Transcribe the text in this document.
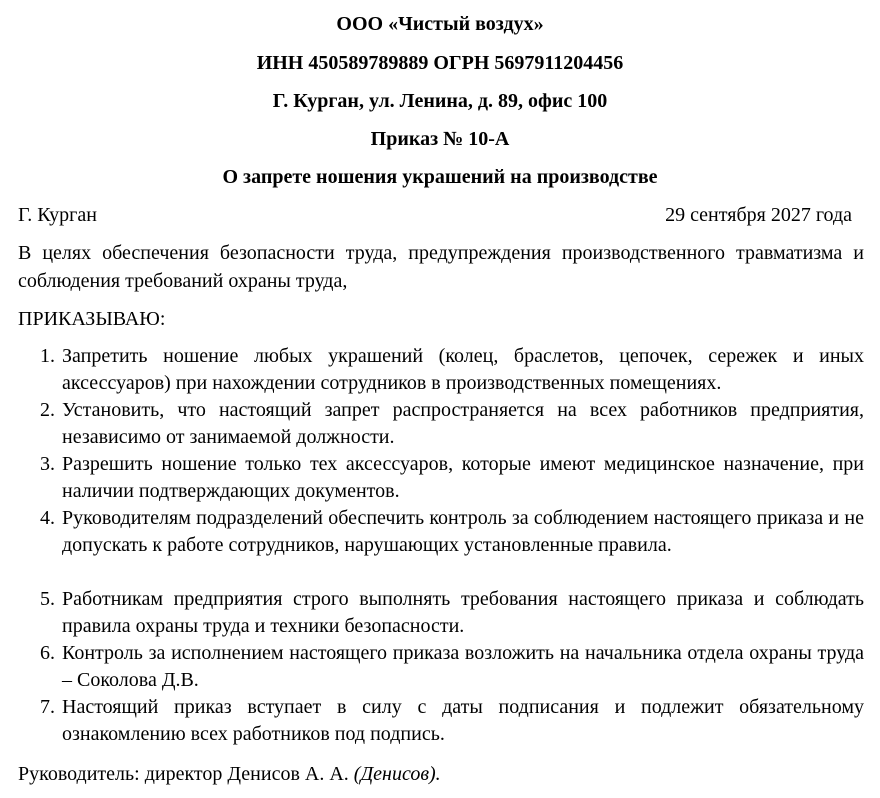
ООО «Чистый воздух»
ИНН 450589789889 ОГРН 5697911204456
Г. Курган, ул. Ленина, д. 89, офис 100
Приказ № 10-А
О запрете ношения украшений на производстве
Г. Курган	29 сентября 2027 года
В целях обеспечения безопасности труда, предупреждения производственного травматизма и соблюдения требований охраны труда,
ПРИКАЗЫВАЮ:
1. Запретить ношение любых украшений (колец, браслетов, цепочек, сережек и иных аксессуаров) при нахождении сотрудников в производственных помещениях.
2. Установить, что настоящий запрет распространяется на всех работников предприятия, независимо от занимаемой должности.
3. Разрешить ношение только тех аксессуаров, которые имеют медицинское назначение, при наличии подтверждающих документов.
4. Руководителям подразделений обеспечить контроль за соблюдением настоящего приказа и не допускать к работе сотрудников, нарушающих установленные правила.
5. Работникам предприятия строго выполнять требования настоящего приказа и соблюдать правила охраны труда и техники безопасности.
6. Контроль за исполнением настоящего приказа возложить на начальника отдела охраны труда – Соколова Д.В.
7. Настоящий приказ вступает в силу с даты подписания и подлежит обязательному ознакомлению всех работников под подпись.
Руководитель: директор Денисов А. А. (Денисов).
